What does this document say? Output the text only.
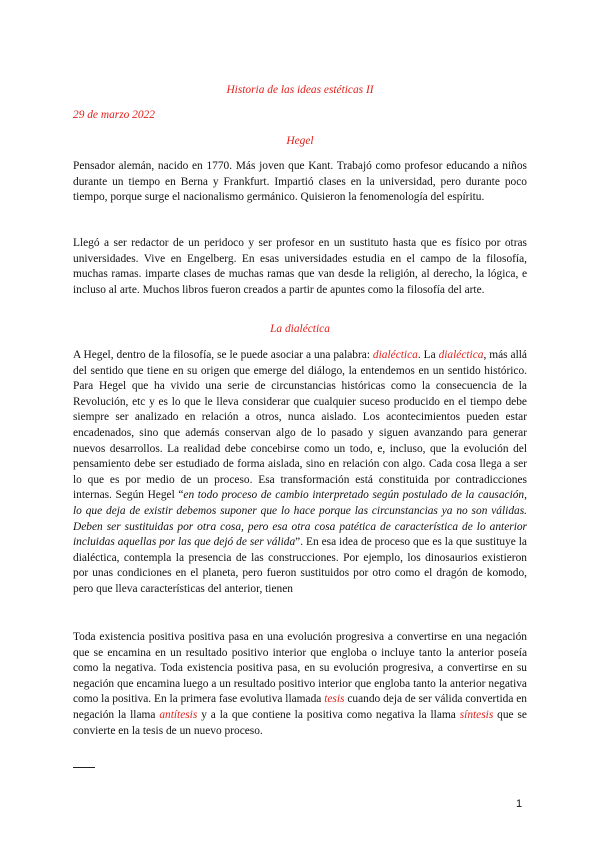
Historia de las ideas estéticas II
29 de marzo 2022
Hegel

Pensador alemán, nacido en 1770. Más joven que Kant. Trabajó como profesor educando a niños durante un tiempo en Berna y Frankfurt. Impartió clases en la universidad, pero durante poco tiempo, porque surge el nacionalismo germánico. Quisieron la fenomenología del espíritu.

Llegó a ser redactor de un peridoco y ser profesor en un sustituto hasta que es físico por otras universidades. Vive en Engelberg. En esas universidades estudia en el campo de la filosofía, muchas ramas. imparte clases de muchas ramas que van desde la religión, al derecho, la lógica, e incluso al arte. Muchos libros fueron creados a partir de apuntes como la filosofía del arte.

La dialéctica

A Hegel, dentro de la filosofía, se le puede asociar a una palabra: dialéctica. La dialéctica, más allá del sentido que tiene en su origen que emerge del diálogo, la entendemos en un sentido histórico. Para Hegel que ha vivido una serie de circunstancias históricas como la consecuencia de la Revolución, etc y es lo que le lleva considerar que cualquier suceso producido en el tiempo debe siempre ser analizado en relación a otros, nunca aislado. Los acontecimientos pueden estar encadenados, sino que además conservan algo de lo pasado y siguen avanzando para generar nuevos desarrollos. La realidad debe concebirse como un todo, e, incluso, que la evolución del pensamiento debe ser estudiado de forma aislada, sino en relación con algo. Cada cosa llega a ser lo que es por medio de un proceso. Esa transformación está constituida por contradicciones internas. Según Hegel “en todo proceso de cambio interpretado según postulado de la causación, lo que deja de existir debemos suponer que lo hace porque las circunstancias ya no son válidas. Deben ser sustituidas por otra cosa, pero esa otra cosa patética de característica de lo anterior incluidas aquellas por las que dejó de ser válida”. En esa idea de proceso que es la que sustituye la dialéctica, contempla la presencia de las construcciones. Por ejemplo, los dinosaurios existieron por unas condiciones en el planeta, pero fueron sustituidos por otro como el dragón de komodo, pero que lleva características del anterior, tienen

Toda existencia positiva positiva pasa en una evolución progresiva a convertirse en una negación que se encamina en un resultado positivo interior que engloba o incluye tanto la anterior poseía como la negativa. Toda existencia positiva pasa, en su evolución progresiva, a convertirse en su negación que encamina luego a un resultado positivo interior que engloba tanto la anterior negativa como la positiva. En la primera fase evolutiva llamada tesis cuando deja de ser válida convertida en negación la llama antítesis y a la que contiene la positiva como negativa la llama síntesis que se convierte en la tesis de un nuevo proceso.

1
